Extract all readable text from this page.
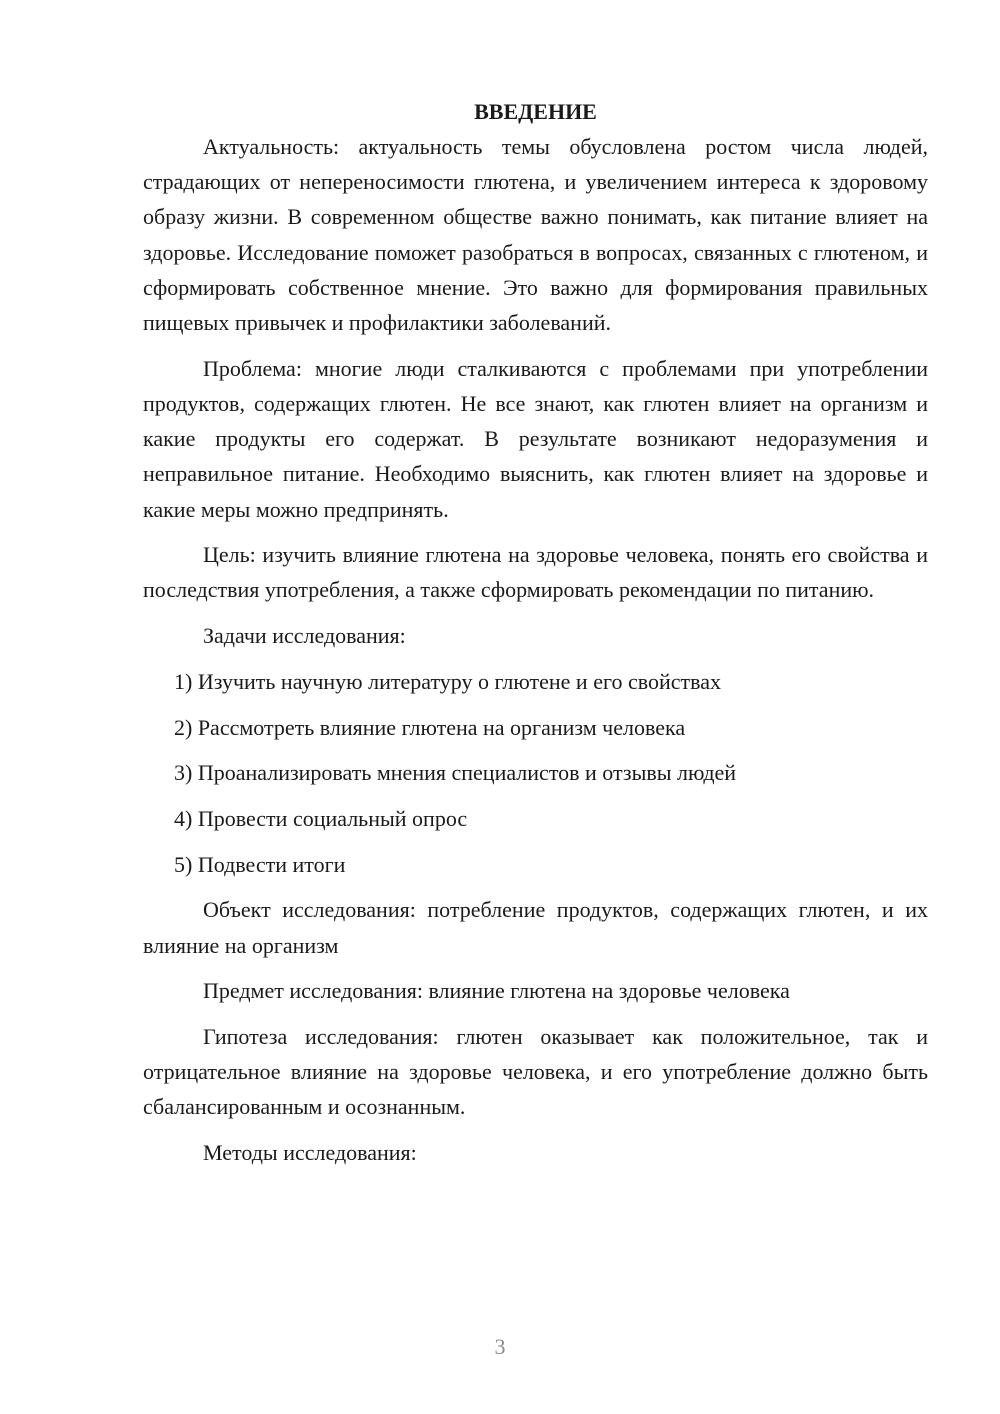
ВВЕДЕНИЕ

Актуальность: актуальность темы обусловлена ростом числа людей, страдающих от непереносимости глютена, и увеличением интереса к здоровому образу жизни. В современном обществе важно понимать, как питание влияет на здоровье. Исследование поможет разобраться в вопросах, связанных с глютеном, и сформировать собственное мнение. Это важно для формирования правильных пищевых привычек и профилактики заболеваний.

Проблема: многие люди сталкиваются с проблемами при употреблении продуктов, содержащих глютен. Не все знают, как глютен влияет на организм и какие продукты его содержат. В результате возникают недоразумения и неправильное питание. Необходимо выяснить, как глютен влияет на здоровье и какие меры можно предпринять.

Цель: изучить влияние глютена на здоровье человека, понять его свойства и последствия употребления, а также сформировать рекомендации по питанию.

Задачи исследования:

1) Изучить научную литературу о глютене и его свойствах
2) Рассмотреть влияние глютена на организм человека
3) Проанализировать мнения специалистов и отзывы людей
4) Провести социальный опрос
5) Подвести итоги

Объект исследования: потребление продуктов, содержащих глютен, и их влияние на организм

Предмет исследования: влияние глютена на здоровье человека

Гипотеза исследования: глютен оказывает как положительное, так и отрицательное влияние на здоровье человека, и его употребление должно быть сбалансированным и осознанным.

Методы исследования:

3
